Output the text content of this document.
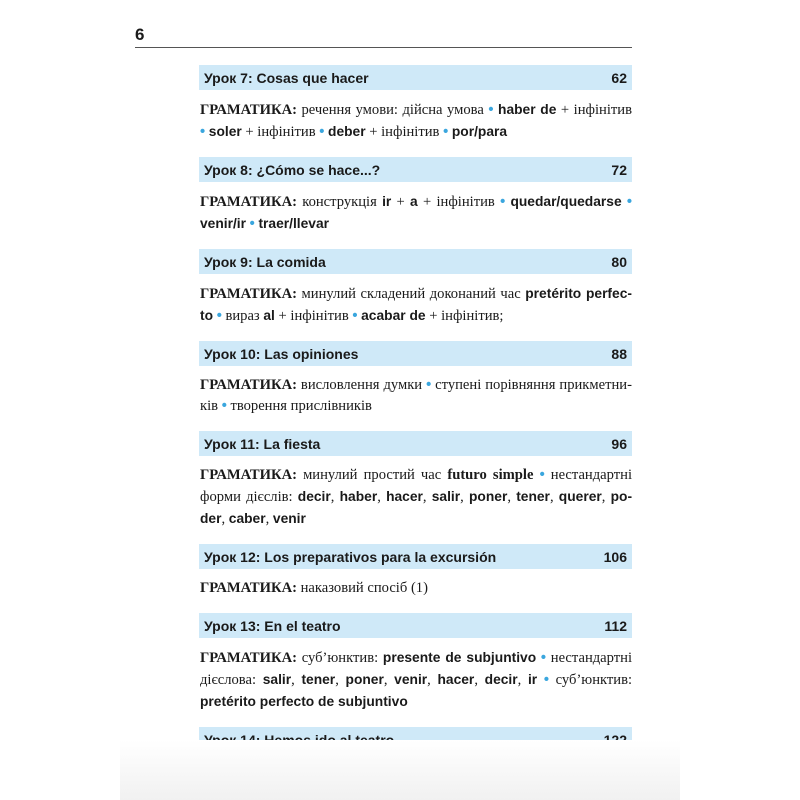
6
Урок 7: Cosas que hacer	62
ГРАМАТИКА: речення умови: дійсна умова • haber de + інфінітив • soler + інфінітив • deber + інфінітив • por/para
Урок 8: ¿Cómo se hace...?	72
ГРАМАТИКА: конструкція ir + a + інфінітив • quedar/quedarse • venir/ir • traer/llevar
Урок 9: La comida	80
ГРАМАТИКА: минулий складений доконаний час pretérito perfecto • вираз al + інфінітив • acabar de + інфінітив;
Урок 10: Las opiniones	88
ГРАМАТИКА: висловлення думки • ступені порівняння прикметників • творення прислівників
Урок 11: La fiesta	96
ГРАМАТИКА: минулий простий час futuro simple • нестандартні форми дієслів: decir, haber, hacer, salir, poner, tener, querer, poder, caber, venir
Урок 12: Los preparativos para la excursión	106
ГРАМАТИКА: наказовий спосіб (1)
Урок 13: En el teatro	112
ГРАМАТИКА: суб’юнктив: presente de subjuntivo • нестандартні дієслова: salir, tener, poner, venir, hacer, decir, ir • суб’юнктив: pretérito perfecto de subjuntivo
